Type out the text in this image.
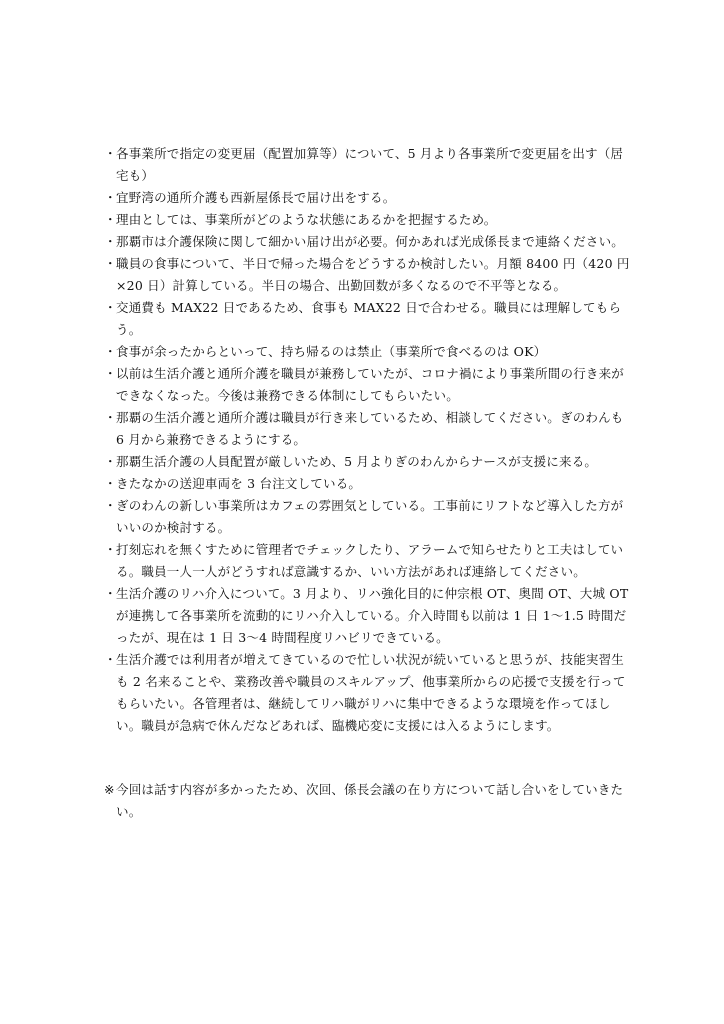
・ 各事業所で指定の変更届（配置加算等）について、5 月より各事業所で変更届を出す（居宅も）
・ 宜野湾の通所介護も西新屋係長で届け出をする。
・ 理由としては、事業所がどのような状態にあるかを把握するため。
・ 那覇市は介護保険に関して細かい届け出が必要。何かあれば光成係長まで連絡ください。
・ 職員の食事について、半日で帰った場合をどうするか検討したい。月額 8400 円（420 円×20 日）計算している。半日の場合、出勤回数が多くなるので不平等となる。
・ 交通費も MAX22 日であるため、食事も MAX22 日で合わせる。職員には理解してもらう。
・ 食事が余ったからといって、持ち帰るのは禁止（事業所で食べるのは OK）
・ 以前は生活介護と通所介護を職員が兼務していたが、コロナ禍により事業所間の行き来ができなくなった。今後は兼務できる体制にしてもらいたい。
・ 那覇の生活介護と通所介護は職員が行き来しているため、相談してください。ぎのわんも 6 月から兼務できるようにする。
・ 那覇生活介護の人員配置が厳しいため、5 月よりぎのわんからナースが支援に来る。
・ きたなかの送迎車両を 3 台注文している。
・ ぎのわんの新しい事業所はカフェの雰囲気としている。工事前にリフトなど導入した方がいいのか検討する。
・ 打刻忘れを無くすために管理者でチェックしたり、アラームで知らせたりと工夫はしている。職員一人一人がどうすれば意識するか、いい方法があれば連絡してください。
・ 生活介護のリハ介入について。3 月より、リハ強化目的に仲宗根 OT、奥間 OT、大城 OT が連携して各事業所を流動的にリハ介入している。介入時間も以前は 1 日 1～1.5 時間だったが、現在は 1 日 3～4 時間程度リハビリできている。
・ 生活介護では利用者が増えてきているので忙しい状況が続いていると思うが、技能実習生も 2 名来ることや、業務改善や職員のスキルアップ、他事業所からの応援で支援を行ってもらいたい。各管理者は、継続してリハ職がリハに集中できるような環境を作ってほしい。職員が急病で休んだなどあれば、臨機応変に支援には入るようにします。

※ 今回は話す内容が多かったため、次回、係長会議の在り方について話し合いをしていきたい。
